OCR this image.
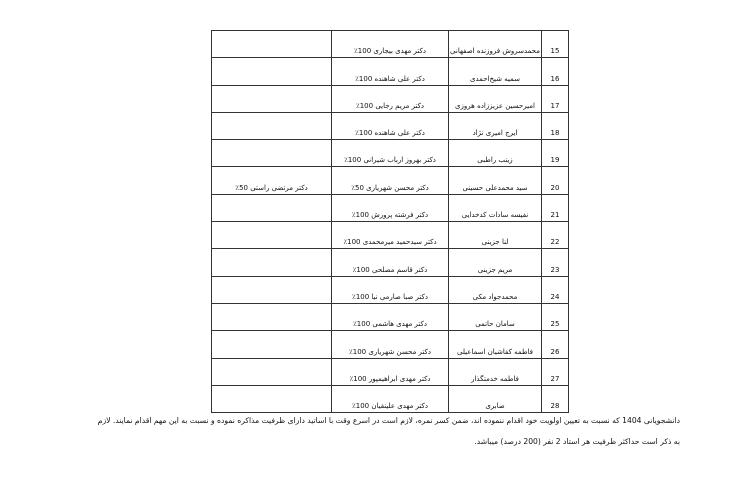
15	محمدسروش فروزنده اصفهانی	دکتر مهدی بیجاری 100٪	
16	سمیه شیخ‌احمدی	دکتر علی شاهنده 100٪	
17	امیرحسین عزیززاده هروزی	دکتر مریم رجایی 100٪	
18	ایرج امیری نژاد	دکتر علی شاهنده 100٪	
19	زینب راطبی	دکتر بهروز ارباب شیرانی 100٪	
20	سید محمدعلی حسینی	دکتر محسن شهریاری 50٪	دکتر مرتضی راستی 50٪
21	نفیسه سادات کدخدایی	دکتر فرشته پرورش 100٪	
22	لنا جزینی	دکتر سیدحمید میرمحمدی 100٪	
23	مریم جزینی	دکتر قاسم مصلحی 100٪	
24	محمدجواد مکی	دکتر صبا صارمی نیا 100٪	
25	سامان حاتمی	دکتر مهدی هاشمی 100٪	
26	فاطمه کفاشیان اسماعیلی	دکتر محسن شهریاری 100٪	
27	فاطمه خدمتگذار	دکتر مهدی ابراهیمپور 100٪	
28	صابری	دکتر مهدی علینقیان 100٪	

دانشجویانی 1404 که نسبت به تعیین اولویت خود اقدام ننموده اند، ضمن کسر نمره، لازم است در اسرع وقت با اساتید دارای ظرفیت مذاکره نموده و نسبت به این مهم اقدام نمایند. لازم

به ذکر است حداکثر ظرفیت هر استاد 2 نفر (200 درصد) میباشد.
